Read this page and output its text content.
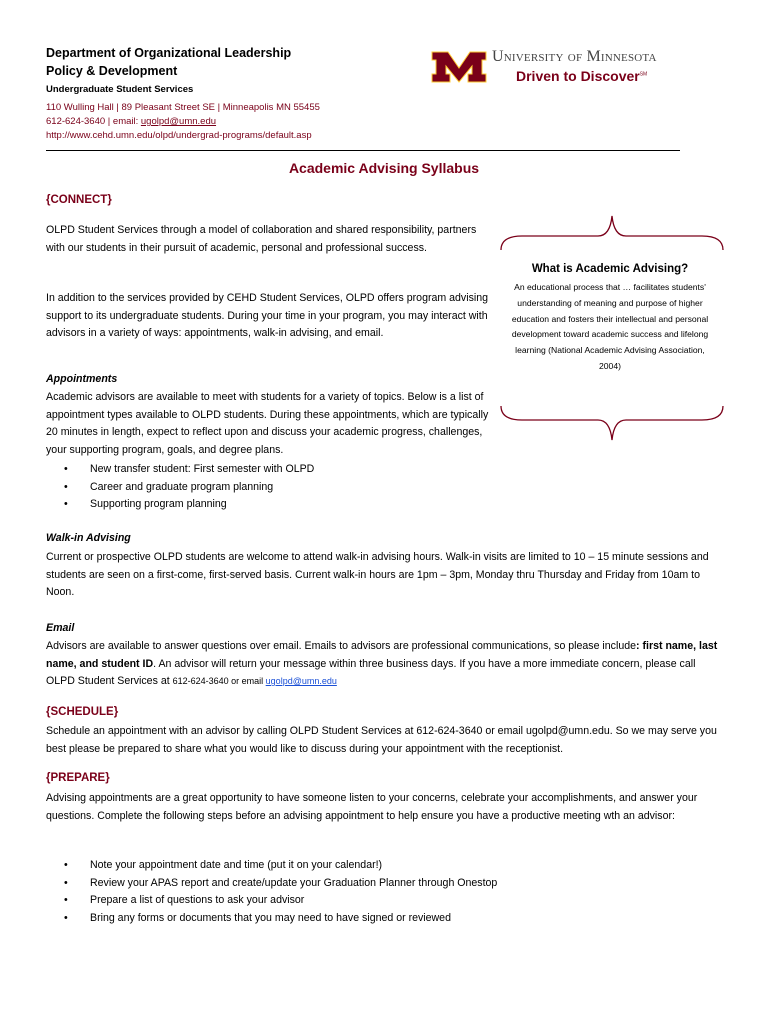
Department of Organizational Leadership
Policy & Development
Undergraduate Student Services
110 Wulling Hall | 89 Pleasant Street SE | Minneapolis MN 55455
612-624-3640 | email: ugolpd@umn.edu
http://www.cehd.umn.edu/olpd/undergrad-programs/default.asp
University of Minnesota
Driven to Discover℠
Academic Advising Syllabus
{CONNECT}
OLPD Student Services through a model of collaboration and shared responsibility, partners with our students in their pursuit of academic, personal and professional success.
In addition to the services provided by CEHD Student Services, OLPD offers program advising support to its undergraduate students. During your time in your program, you may interact with advisors in a variety of ways: appointments, walk-in advising, and email.
Appointments
Academic advisors are available to meet with students for a variety of topics. Below is a list of appointment types available to OLPD students. During these appointments, which are typically 20 minutes in length, expect to reflect upon and discuss your academic progress, challenges, your supporting program, goals, and degree plans.
• New transfer student: First semester with OLPD
• Career and graduate program planning
• Supporting program planning
What is Academic Advising?
An educational process that … facilitates students' understanding of meaning and purpose of higher education and fosters their intellectual and personal development toward academic success and lifelong learning (National Academic Advising Association, 2004)
Walk-in Advising
Current or prospective OLPD students are welcome to attend walk-in advising hours. Walk-in visits are limited to 10 – 15 minute sessions and students are seen on a first-come, first-served basis. Current walk-in hours are 1pm – 3pm, Monday thru Thursday and Friday from 10am to Noon.
Email
Advisors are available to answer questions over email. Emails to advisors are professional communications, so please include: first name, last name, and student ID. An advisor will return your message within three business days. If you have a more immediate concern, please call OLPD Student Services at 612-624-3640 or email ugolpd@umn.edu
{SCHEDULE}
Schedule an appointment with an advisor by calling OLPD Student Services at 612-624-3640 or email ugolpd@umn.edu. So we may serve you best please be prepared to share what you would like to discuss during your appointment with the receptionist.
{PREPARE}
Advising appointments are a great opportunity to have someone listen to your concerns, celebrate your accomplishments, and answer your questions. Complete the following steps before an advising appointment to help ensure you have a productive meeting wth an advisor:
• Note your appointment date and time (put it on your calendar!)
• Review your APAS report and create/update your Graduation Planner through Onestop
• Prepare a list of questions to ask your advisor
• Bring any forms or documents that you may need to have signed or reviewed
